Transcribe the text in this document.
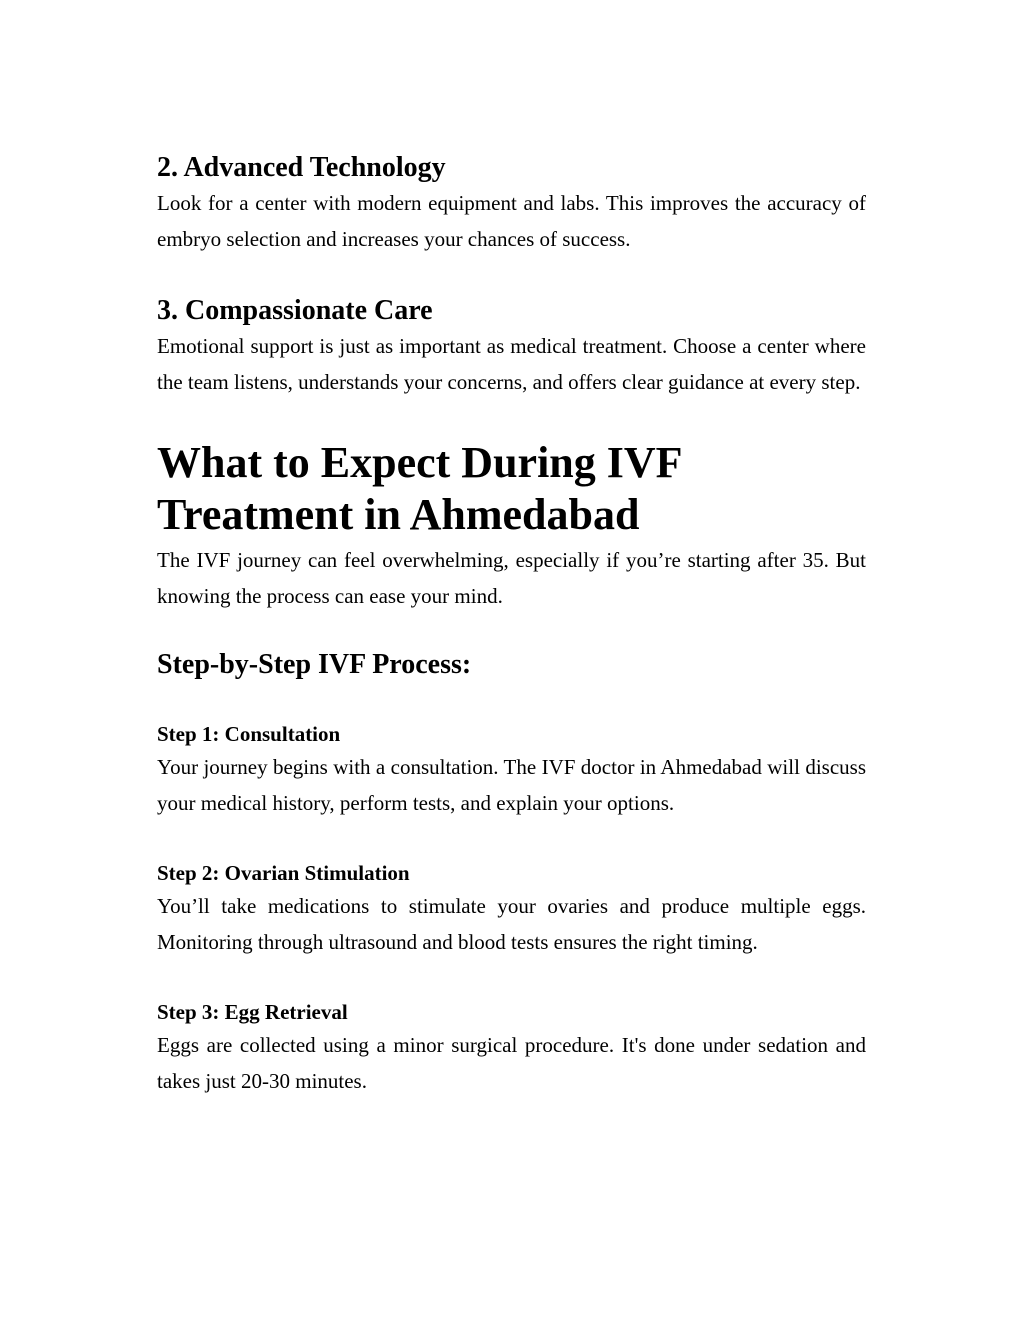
2. Advanced Technology

Look for a center with modern equipment and labs. This improves the accuracy of embryo selection and increases your chances of success.

3. Compassionate Care

Emotional support is just as important as medical treatment. Choose a center where the team listens, understands your concerns, and offers clear guidance at every step.

What to Expect During IVF Treatment in Ahmedabad

The IVF journey can feel overwhelming, especially if you’re starting after 35. But knowing the process can ease your mind.

Step-by-Step IVF Process:
Step 1: Consultation

Your journey begins with a consultation. The IVF doctor in Ahmedabad will discuss your medical history, perform tests, and explain your options.

Step 2: Ovarian Stimulation

You’ll take medications to stimulate your ovaries and produce multiple eggs. Monitoring through ultrasound and blood tests ensures the right timing.

Step 3: Egg Retrieval

Eggs are collected using a minor surgical procedure. It's done under sedation and takes just 20-30 minutes.
